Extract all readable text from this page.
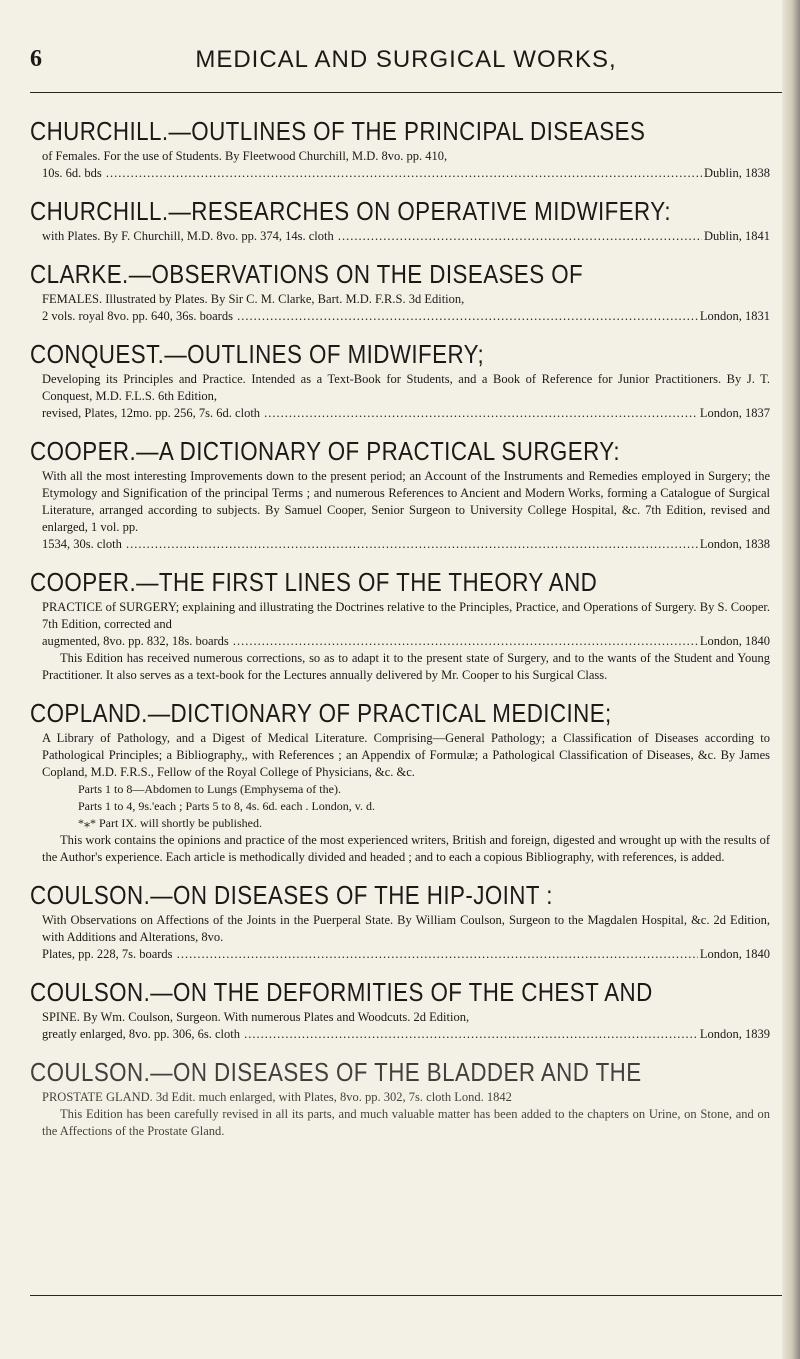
6	MEDICAL AND SURGICAL WORKS,
CHURCHILL.—OUTLINES OF THE PRINCIPAL DISEASES
of Females. For the use of Students. By Fleetwood Churchill, M.D. 8vo. pp. 410,
10s. 6d. bds .....	Dublin, 1838
CHURCHILL.—RESEARCHES ON OPERATIVE MIDWIFERY:
with Plates. By F. Churchill, M.D. 8vo. pp. 374, 14s. cloth .....	Dublin, 1841
CLARKE.—OBSERVATIONS ON THE DISEASES OF
FEMALES. Illustrated by Plates. By Sir C. M. Clarke, Bart. M.D. F.R.S. 3d Edition,
2 vols. royal 8vo. pp. 640, 36s. boards .....	London, 1831
CONQUEST.—OUTLINES OF MIDWIFERY;
Developing its Principles and Practice. Intended as a Text-Book for Students, and a Book of Reference for Junior Practitioners. By J. T. Conquest, M.D. F.L.S. 6th Edition,
revised, Plates, 12mo. pp. 256, 7s. 6d. cloth .....	London, 1837
COOPER.—A DICTIONARY OF PRACTICAL SURGERY:
With all the most interesting Improvements down to the present period; an Account of the Instruments and Remedies employed in Surgery; the Etymology and Signification of the principal Terms ; and numerous References to Ancient and Modern Works, forming a Catalogue of Surgical Literature, arranged according to subjects. By Samuel Cooper, Senior Surgeon to University College Hospital, &c. 7th Edition, revised and enlarged, 1 vol. pp.
1534, 30s. cloth .....	London, 1838
COOPER.—THE FIRST LINES OF THE THEORY AND
PRACTICE of SURGERY; explaining and illustrating the Doctrines relative to the Principles, Practice, and Operations of Surgery. By S. Cooper. 7th Edition, corrected and
augmented, 8vo. pp. 832, 18s. boards .....	London, 1840
This Edition has received numerous corrections, so as to adapt it to the present state of Surgery, and to the wants of the Student and Young Practitioner. It also serves as a text-book for the Lectures annually delivered by Mr. Cooper to his Surgical Class.
COPLAND.—DICTIONARY OF PRACTICAL MEDICINE;
A Library of Pathology, and a Digest of Medical Literature. Comprising—General Pathology; a Classification of Diseases according to Pathological Principles; a Bibliography,, with References ; an Appendix of Formulæ; a Pathological Classification of Diseases, &c. By James Copland, M.D. F.R.S., Fellow of the Royal College of Physicians, &c. &c.
Parts 1 to 8—Abdomen to Lungs (Emphysema of the).
Parts 1 to 4, 9s.'each ; Parts 5 to 8, 4s. 6d. each . London, v. d.
*⁎* Part IX. will shortly be published.
This work contains the opinions and practice of the most experienced writers, British and foreign, digested and wrought up with the results of the Author's experience. Each article is methodically divided and headed ; and to each a copious Bibliography, with references, is added.
COULSON.—ON DISEASES OF THE HIP-JOINT :
With Observations on Affections of the Joints in the Puerperal State. By William Coulson, Surgeon to the Magdalen Hospital, &c. 2d Edition, with Additions and Alterations, 8vo.
Plates, pp. 228, 7s. boards .....	London, 1840
COULSON.—ON THE DEFORMITIES OF THE CHEST AND
SPINE. By Wm. Coulson, Surgeon. With numerous Plates and Woodcuts. 2d Edition,
greatly enlarged, 8vo. pp. 306, 6s. cloth .....	London, 1839
COULSON.—ON DISEASES OF THE BLADDER AND THE
PROSTATE GLAND. 3d Edit. much enlarged, with Plates, 8vo. pp. 302, 7s. cloth Lond. 1842
This Edition has been carefully revised in all its parts, and much valuable matter has been added to the chapters on Urine, on Stone, and on the Affections of the Prostate Gland.
